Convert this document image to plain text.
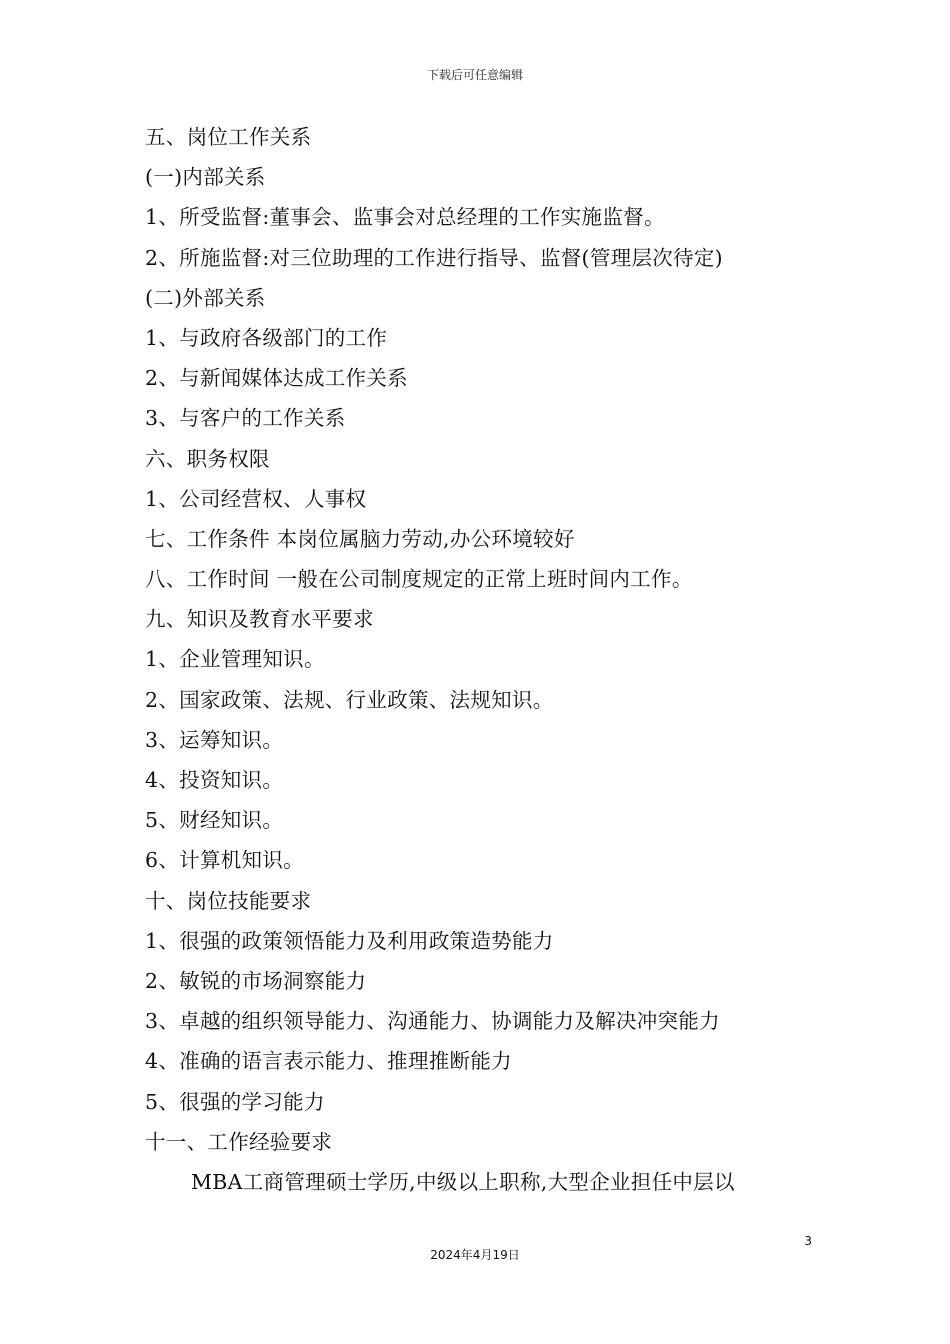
下载后可任意编辑
五、岗位工作关系
(一)内部关系
1、所受监督:董事会、监事会对总经理的工作实施监督。
2、所施监督:对三位助理的工作进行指导、监督(管理层次待定)
(二)外部关系
1、与政府各级部门的工作
2、与新闻媒体达成工作关系
3、与客户的工作关系
六、职务权限
1、公司经营权、人事权
七、工作条件 本岗位属脑力劳动,办公环境较好
八、工作时间 一般在公司制度规定的正常上班时间内工作。
九、知识及教育水平要求
1、企业管理知识。
2、国家政策、法规、行业政策、法规知识。
3、运筹知识。
4、投资知识。
5、财经知识。
6、计算机知识。
十、岗位技能要求
1、很强的政策领悟能力及利用政策造势能力
2、敏锐的市场洞察能力
3、卓越的组织领导能力、沟通能力、协调能力及解决冲突能力
4、准确的语言表示能力、推理推断能力
5、很强的学习能力
十一、工作经验要求
MBA工商管理硕士学历,中级以上职称,大型企业担任中层以
3
2024年4月19日
